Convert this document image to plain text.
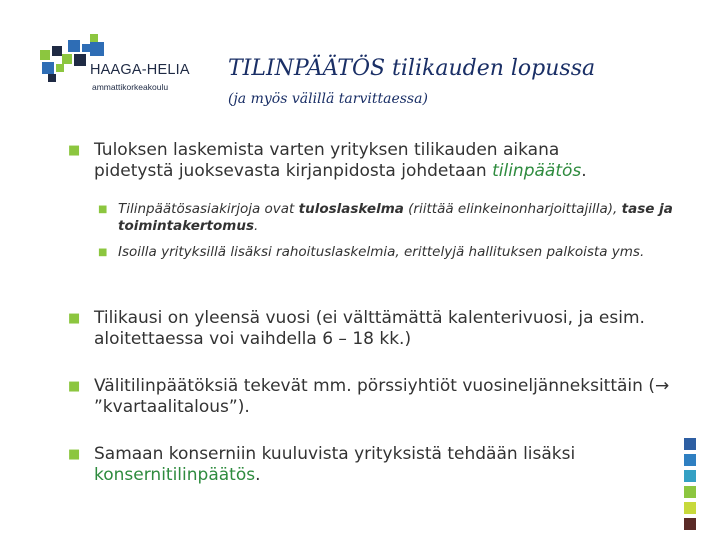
HAAGA-HELIA
ammattikorkeakoulu
TILINPÄÄTÖS tilikauden lopussa
(ja myös välillä tarvittaessa)
■ Tuloksen laskemista varten yrityksen tilikauden aikana
pidetystä juoksevasta kirjanpidosta johdetaan tilinpäätös.
■ Tilinpäätösasiakirjoja ovat tuloslaskelma (riittää elinkeinonharjoittajilla), tase ja toimintakertomus.
■ Isoilla yrityksillä lisäksi rahoituslaskelmia, erittelyjä hallituksen palkoista yms.
■ Tilikausi on yleensä vuosi (ei välttämättä kalenterivuosi, ja esim. aloitettaessa voi vaihdella 6 – 18 kk.)
■ Välitilinpäätöksiä tekevät mm. pörssiyhtiöt vuosineljänneksittäin (→ ”kvartaalitalous”).
■ Samaan konserniin kuuluvista yrityksistä tehdään lisäksi konsernitilinpäätös.
